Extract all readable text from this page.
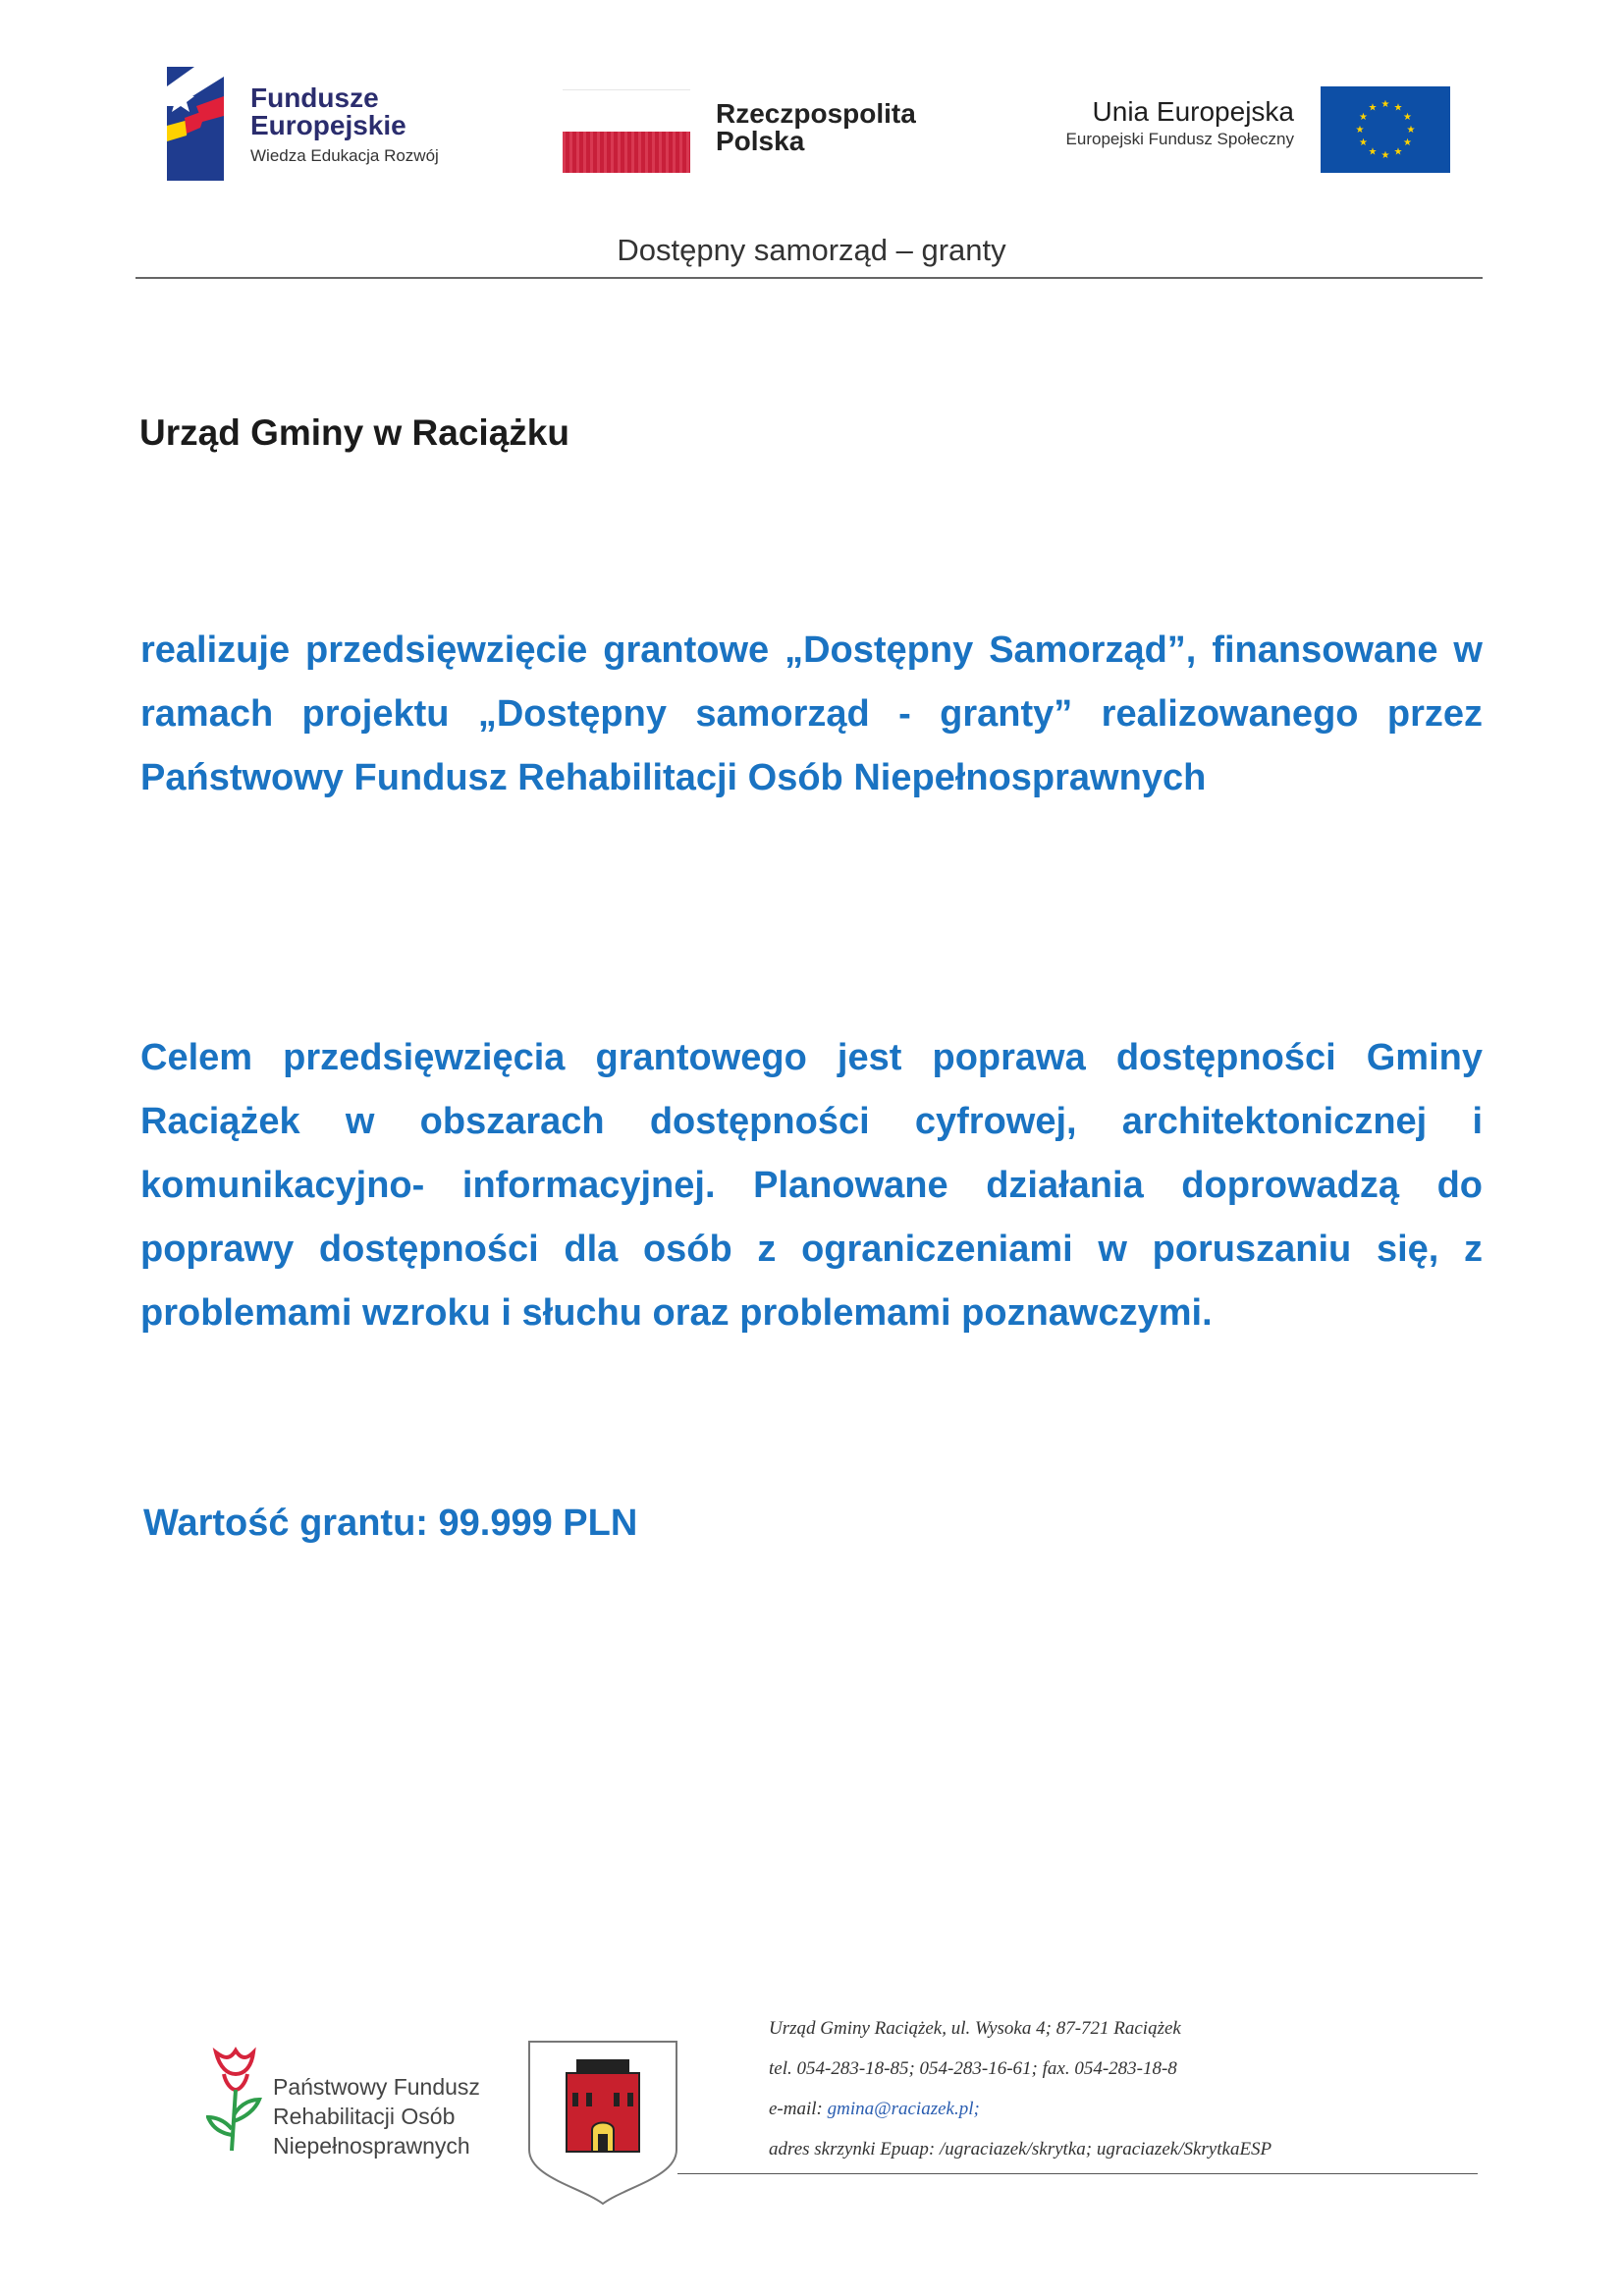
Fundusze
Europejskie
Wiedza Edukacja Rozwój
Rzeczpospolita
Polska
Unia Europejska
Europejski Fundusz Społeczny
★ ★
★
★
★
★
★
★
★
★
★
★
Dostępny samorząd – granty
Urząd Gminy w Raciążku
realizuje przedsięwzięcie grantowe „Dostępny Samorząd”, finansowane w ramach projektu „Dostępny samorząd - granty” realizowanego przez Państwowy Fundusz Rehabilitacji Osób Niepełnosprawnych
Celem przedsięwzięcia grantowego jest poprawa dostępności Gminy Raciążek w obszarach dostępności cyfrowej, architektonicznej i komunikacyjno- informacyjnej. Planowane działania doprowadzą do poprawy dostępności dla osób z ograniczeniami w poruszaniu się, z problemami wzroku i słuchu oraz problemami poznawczymi.
Wartość grantu: 99.999 PLN
Państwowy Fundusz
Rehabilitacji Osób
Niepełnosprawnych
Urząd Gminy Raciążek, ul. Wysoka 4; 87-721 Raciążek
tel. 054-283-18-85; 054-283-16-61; fax. 054-283-18-8
e-mail: gmina@raciazek.pl;
adres skrzynki Epuap: /ugraciazek/skrytka; ugraciazek/SkrytkaESP
